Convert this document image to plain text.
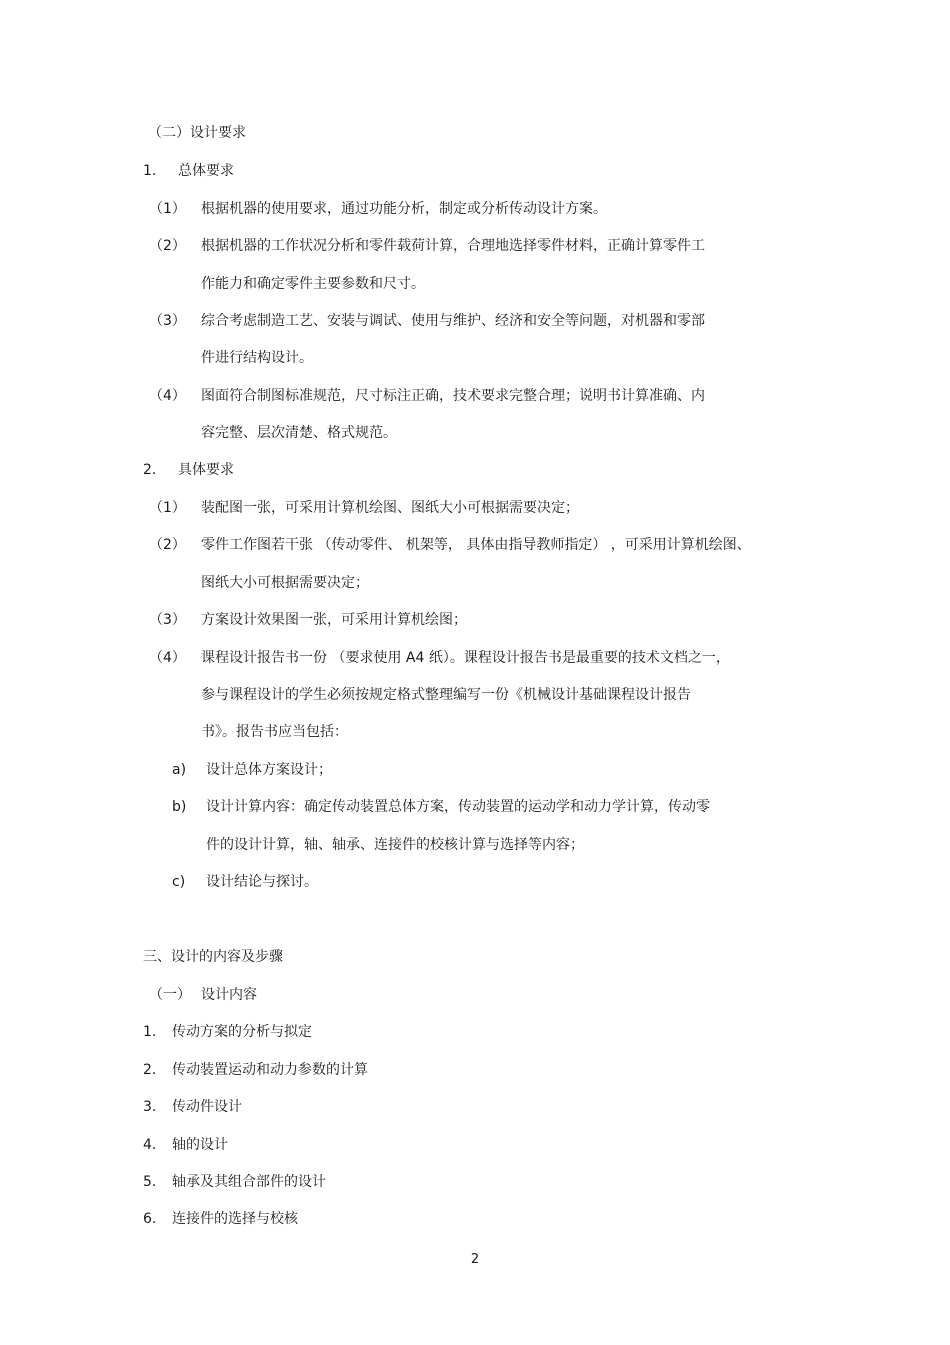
（二）设计要求
1. 总体要求
（1） 根据机器的使用要求，通过功能分析，制定或分析传动设计方案。
（2） 根据机器的工作状况分析和零件载荷计算，合理地选择零件材料，正确计算零件工
作能力和确定零件主要参数和尺寸。
（3） 综合考虑制造工艺、安装与调试、使用与维护、经济和安全等问题，对机器和零部
件进行结构设计。
（4） 图面符合制图标准规范，尺寸标注正确，技术要求完整合理；说明书计算准确、内
容完整、层次清楚、格式规范。
2. 具体要求
（1） 装配图一张，可采用计算机绘图、图纸大小可根据需要决定；
（2） 零件工作图若干张 （传动零件、 机架等， 具体由指导教师指定） ，可采用计算机绘图、
图纸大小可根据需要决定；
（3） 方案设计效果图一张，可采用计算机绘图；
（4） 课程设计报告书一份 （要求使用 A4 纸）。课程设计报告书是最重要的技术文档之一，
参与课程设计的学生必须按规定格式整理编写一份《机械设计基础课程设计报告
书》。报告书应当包括：
a) 设计总体方案设计；
b) 设计计算内容：确定传动装置总体方案，传动装置的运动学和动力学计算，传动零
件的设计计算，轴、轴承、连接件的校核计算与选择等内容；
c) 设计结论与探讨。
三、设计的内容及步骤
（一） 设计内容
1. 传动方案的分析与拟定
2. 传动装置运动和动力参数的计算
3. 传动件设计
4. 轴的设计
5. 轴承及其组合部件的设计
6. 连接件的选择与校核
2
